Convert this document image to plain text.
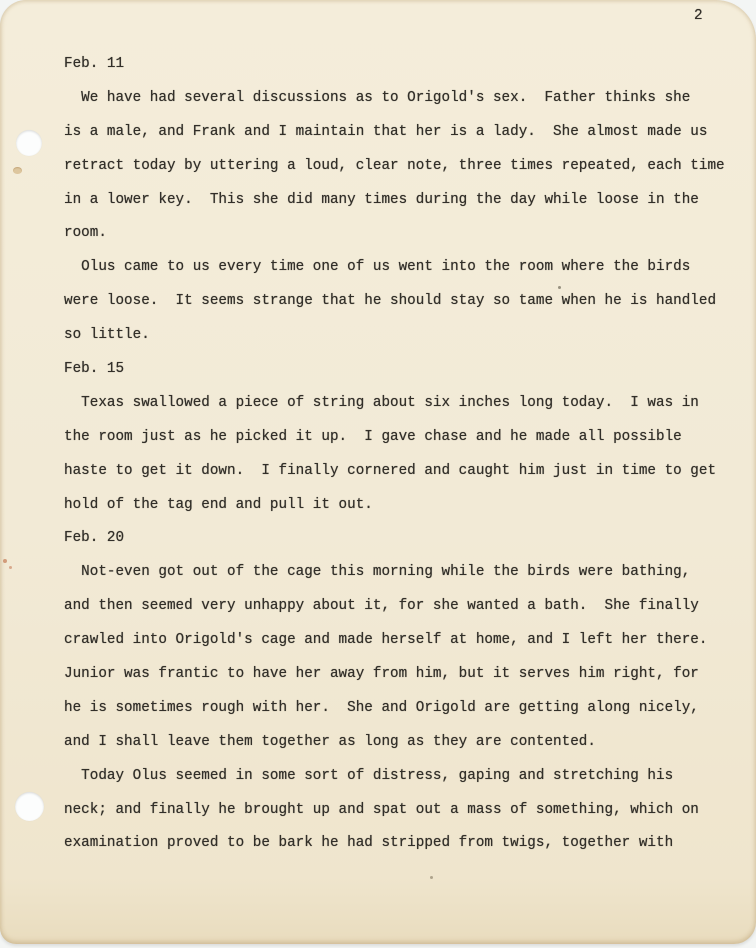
2
Feb. 11
We have had several discussions as to Origold's sex.  Father thinks she
is a male, and Frank and I maintain that her is a lady.  She almost made us
retract today by uttering a loud, clear note, three times repeated, each time
in a lower key.  This she did many times during the day while loose in the
room.
Olus came to us every time one of us went into the room where the birds
were loose.  It seems strange that he should stay so tame when he is handled
so little.
Feb. 15
Texas swallowed a piece of string about six inches long today.  I was in
the room just as he picked it up.  I gave chase and he made all possible
haste to get it down.  I finally cornered and caught him just in time to get
hold of the tag end and pull it out.
Feb. 20
Not-even got out of the cage this morning while the birds were bathing,
and then seemed very unhappy about it, for she wanted a bath.  She finally
crawled into Origold's cage and made herself at home, and I left her there.
Junior was frantic to have her away from him, but it serves him right, for
he is sometimes rough with her.  She and Origold are getting along nicely,
and I shall leave them together as long as they are contented.
Today Olus seemed in some sort of distress, gaping and stretching his
neck; and finally he brought up and spat out a mass of something, which on
examination proved to be bark he had stripped from twigs, together with
